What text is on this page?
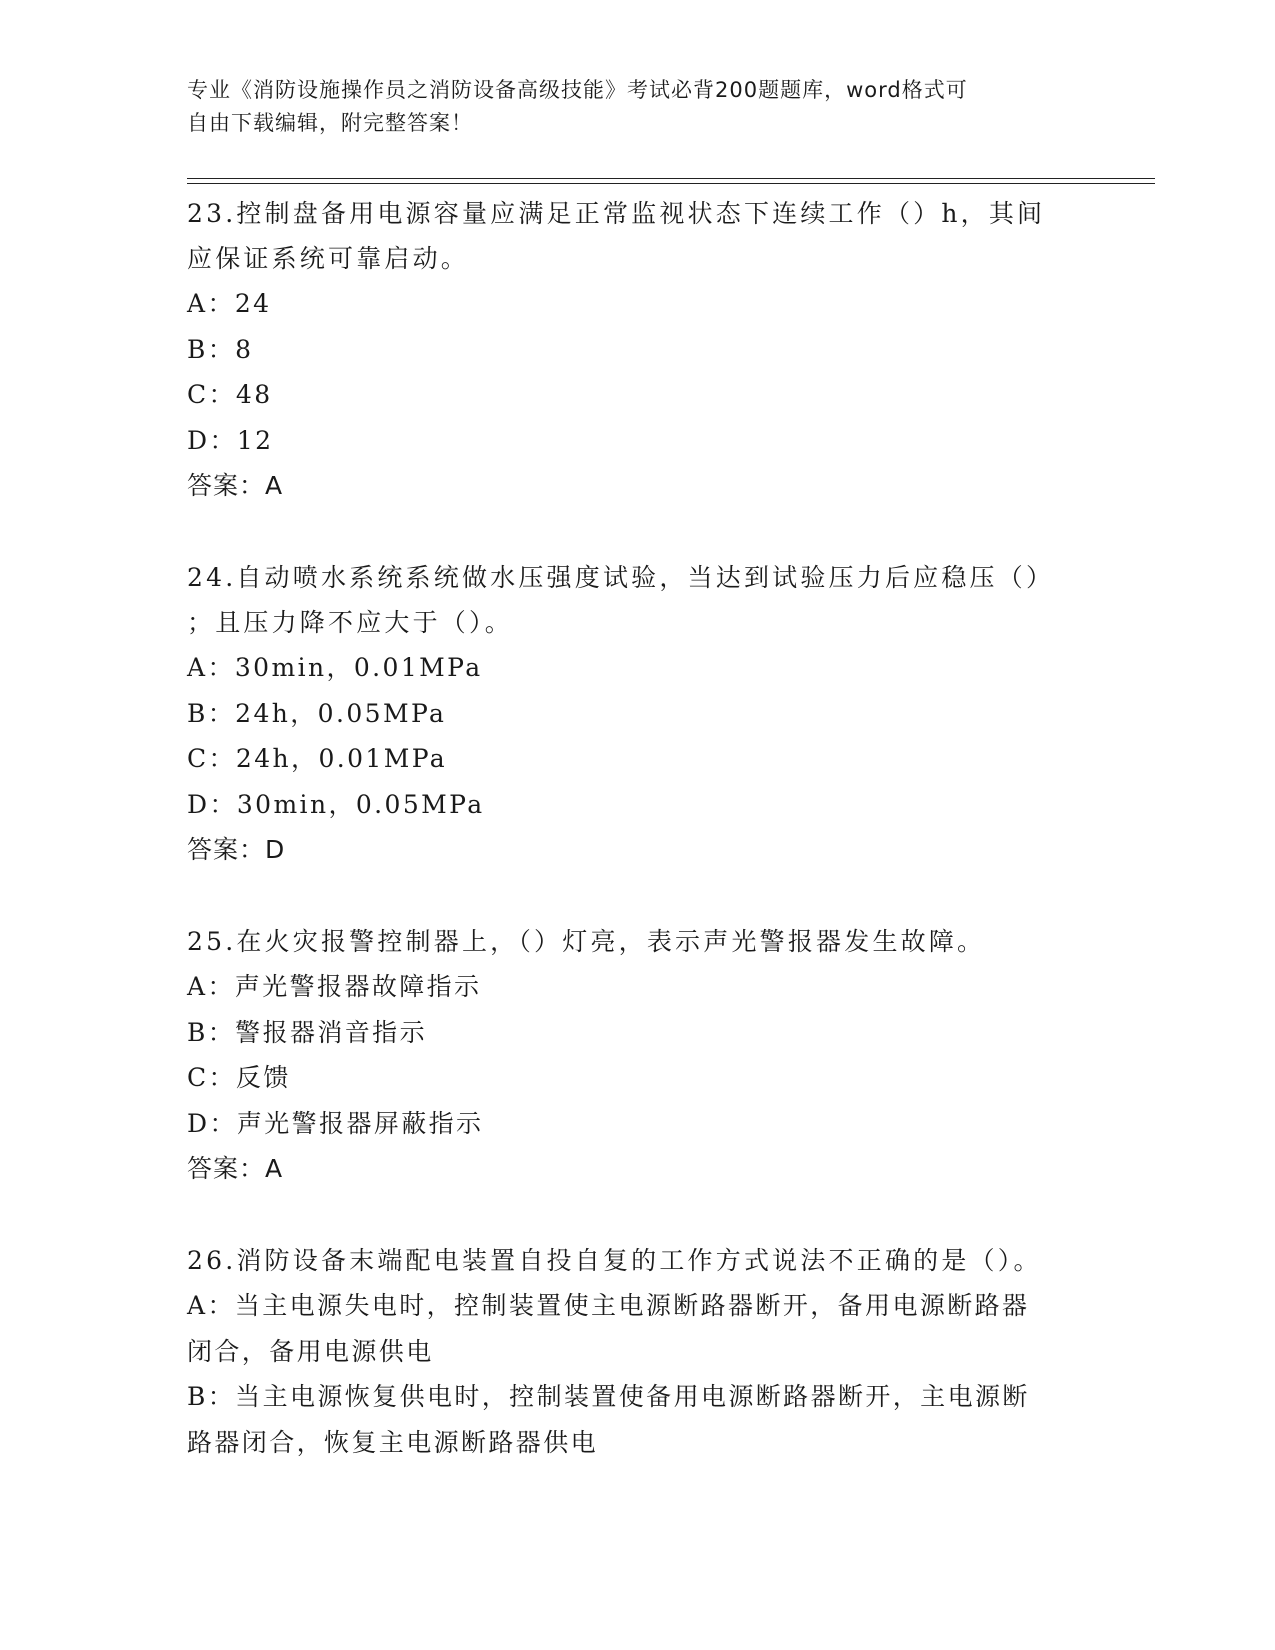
专业《消防设施操作员之消防设备高级技能》考试必背200题题库，word格式可
自由下载编辑，附完整答案！

23.控制盘备用电源容量应满足正常监视状态下连续工作（）h，其间
应保证系统可靠启动。

A：24

B：8

C：48

D：12

答案：A

24.自动喷水系统系统做水压强度试验，当达到试验压力后应稳压（）
；且压力降不应大于（）。

A：30min，0.01MPa

B：24h，0.05MPa

C：24h，0.01MPa

D：30min，0.05MPa

答案：D

25.在火灾报警控制器上，（）灯亮，表示声光警报器发生故障。

A：声光警报器故障指示

B：警报器消音指示

C：反馈

D：声光警报器屏蔽指示

答案：A

26.消防设备末端配电装置自投自复的工作方式说法不正确的是（）。

A：当主电源失电时，控制装置使主电源断路器断开，备用电源断路器

闭合，备用电源供电

B：当主电源恢复供电时，控制装置使备用电源断路器断开，主电源断

路器闭合，恢复主电源断路器供电
